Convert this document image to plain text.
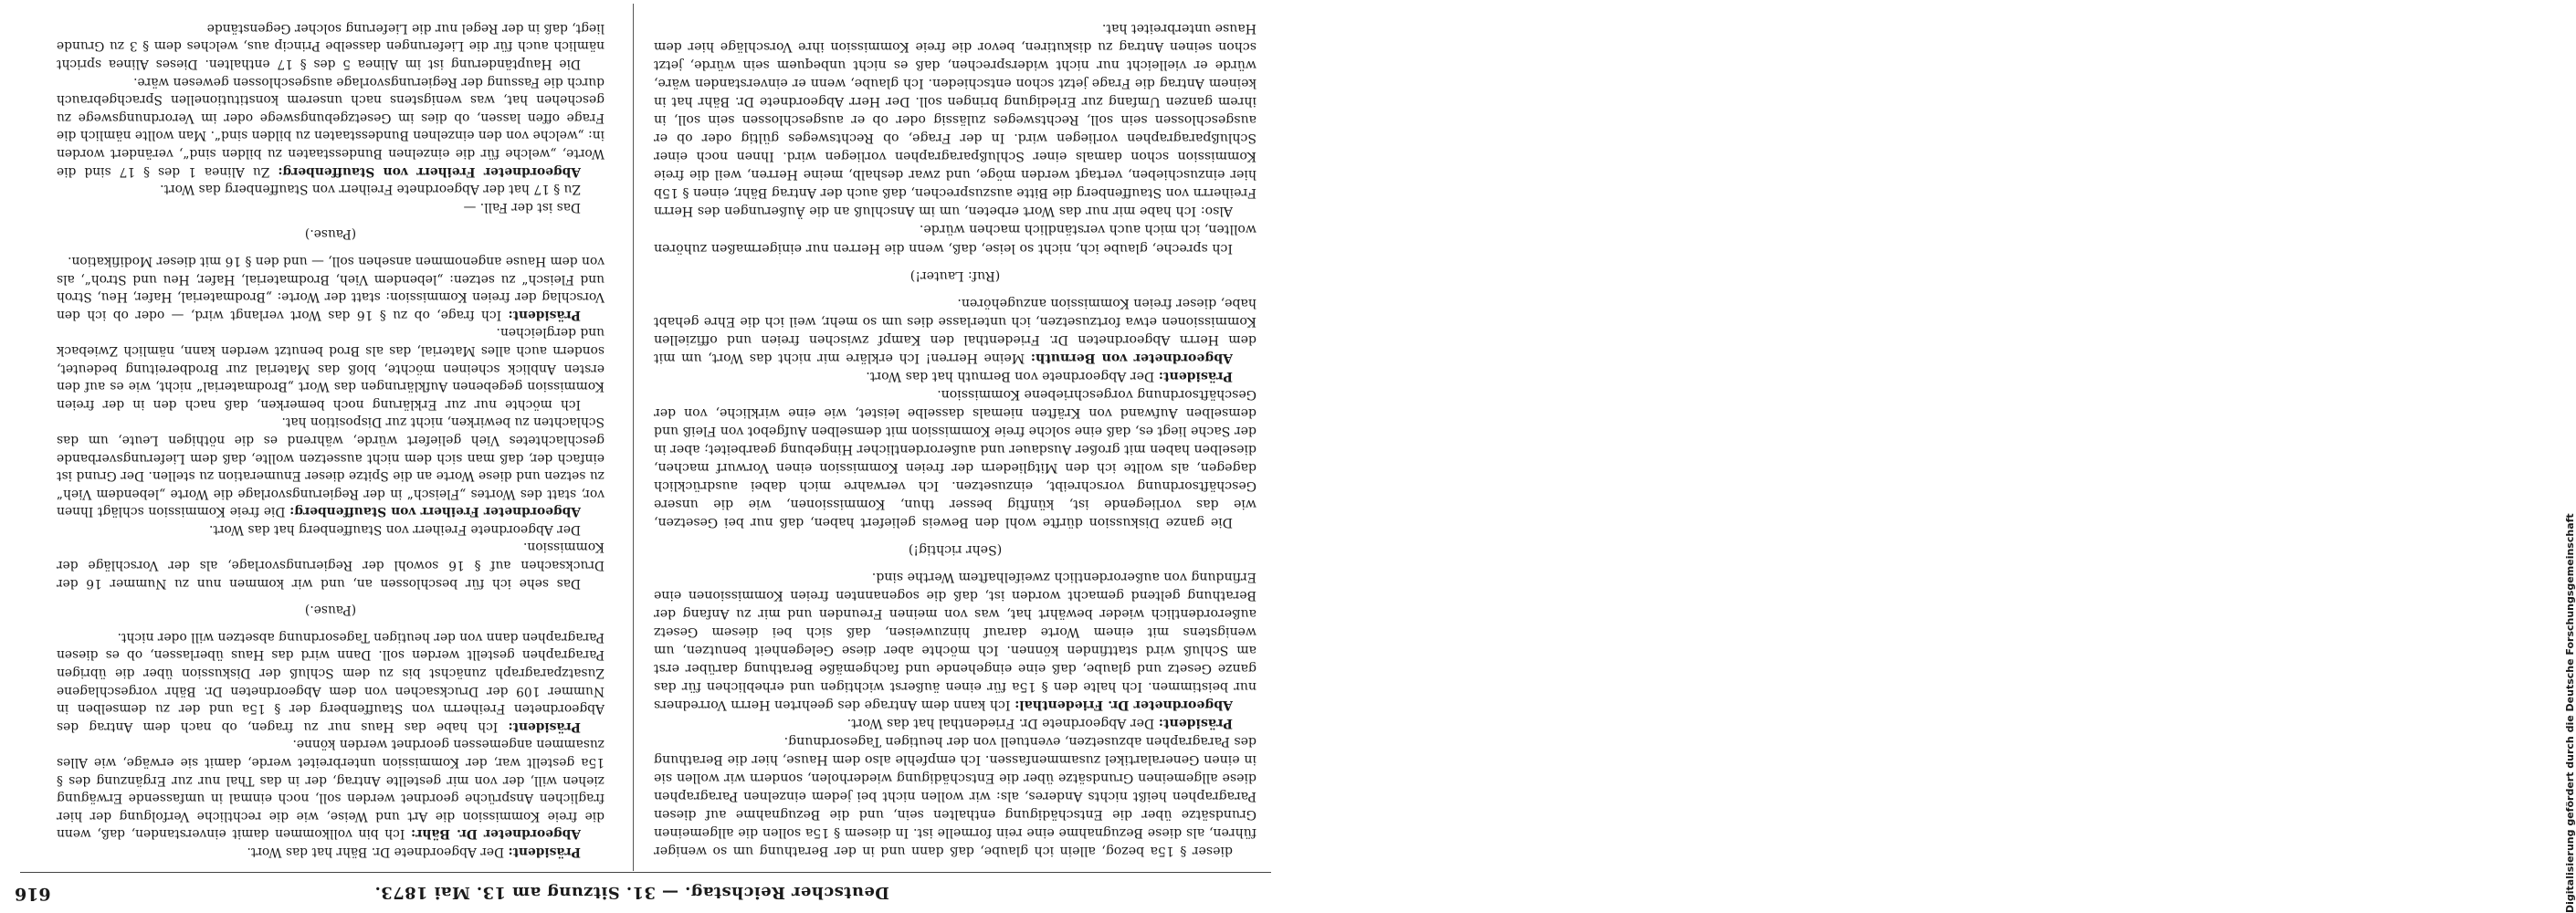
616	Deutscher Reichstag. — 31. Sitzung am 13. Mai 1873.

dieser § 15a bezog, allein ich glaube, daß dann und in der Berathung um so weniger führen, als diese Bezugnahme eine rein formelle ist. In diesem § 15a sollen die allgemeinen Grundsätze über die Entschädigung enthalten sein, und die Bezugnahme auf diesen Paragraphen heißt nichts Anderes, als: wir wollen nicht bei jedem einzelnen Paragraphen diese allgemeinen Grundsätze über die Entschädigung wiederholen, sondern wir wollen sie in einen Generalartikel zusammenfassen. Ich empfehle also dem Hause, hier die Berathung des Paragraphen abzusetzen, eventuell von der heutigen Tagesordnung.

Präsident: Der Abgeordnete Dr. Friedenthal hat das Wort.

Abgeordneter Dr. Friedenthal: Ich kann dem Antrage des geehrten Herrn Vorredners nur beistimmen. Ich halte den § 15a für einen äußerst wichtigen und erheblichen für das ganze Gesetz und glaube, daß eine eingehende und fachgemäße Berathung darüber erst am Schluß wird stattfinden können. Ich möchte aber diese Gelegenheit benutzen, um wenigstens mit einem Worte darauf hinzuweisen, daß sich bei diesem Gesetz außerordentlich wieder bewährt hat, was von meinen Freunden und mir zu Anfang der Berathung geltend gemacht worden ist, daß die sogenannten freien Kommissionen eine Erfindung von außerordentlich zweifelhaftem Werthe sind.

(Sehr richtig!)

Die ganze Diskussion dürfte wohl den Beweis geliefert haben, daß nur bei Gesetzen, wie das vorliegende ist, künftig besser thun, Kommissionen, wie die unsere Geschäftsordnung vorschreibt, einzusetzen. Ich verwahre mich dabei ausdrücklich dagegen, als wollte ich den Mitgliedern der freien Kommission einen Vorwurf machen, dieselben haben mit großer Ausdauer und außerordentlicher Hingebung gearbeitet; aber in der Sache liegt es, daß eine solche freie Kommission mit demselben Aufgebot von Fleiß und demselben Aufwand von Kräften niemals dasselbe leistet, wie eine wirkliche, von der Geschäftsordnung vorgeschriebene Kommission.

Präsident: Der Abgeordnete von Bernuth hat das Wort.

Abgeordneter von Bernuth: Meine Herren! Ich erkläre mir nicht das Wort, um mit dem Herrn Abgeordneten Dr. Friedenthal den Kampf zwischen freien und offiziellen Kommissionen etwa fortzusetzen, ich unterlasse dies um so mehr, weil ich die Ehre gehabt habe, dieser freien Kommission anzugehören.

(Ruf: Lauter!)

Ich spreche, glaube ich, nicht so leise, daß, wenn die Herren nur einigermaßen zuhören wollten, ich mich auch verständlich machen würde.

Also: Ich habe mir nur das Wort erbeten, um im Anschluß an die Äußerungen des Herrn Freiherrn von Stauffenberg die Bitte auszusprechen, daß auch der Antrag Bähr, einen § 15b hier einzuschieben, vertagt werden möge, und zwar deshalb, meine Herren, weil die freie Kommission schon damals einer Schlußparagraphen vorliegen wird. Ihnen noch einer Schlußparagraphen vorliegen wird. In der Frage, ob Rechtsweges gültig oder ob er ausgeschlossen sein soll, Rechtsweges zulässig oder ob er ausgeschlossen sein soll, in ihrem ganzen Umfang zur Erledigung bringen soll. Der Herr Abgeordnete Dr. Bähr hat in keinem Antrag die Frage jetzt schon entschieden. Ich glaube, wenn er einverstanden wäre, würde er vielleicht nur nicht widersprechen, daß es nicht unbequem sein würde, jetzt schon seinen Antrag zu diskutiren, bevor die freie Kommission ihre Vorschläge hier dem Hause unterbreitet hat.

Präsident: Der Abgeordnete Dr. Bähr hat das Wort.

Abgeordneter Dr. Bähr: Ich bin vollkommen damit einverstanden, daß, wenn die freie Kommission die Art und Weise, wie die rechtliche Verfolgung der hier fraglichen Ansprüche geordnet werden soll, noch einmal in umfassende Erwägung ziehen will, der von mir gestellte Antrag, der in das Thal nur zur Ergänzung des § 15a gestellt war, der Kommission unterbreitet werde, damit sie erwäge, wie Alles zusammen angemessen geordnet werden könne.

Präsident: Ich habe das Haus nur zu fragen, ob nach dem Antrag des Abgeordneten Freiherrn von Stauffenberg der § 15a und der zu demselben in Nummer 109 der Drucksachen von dem Abgeordneten Dr. Bähr vorgeschlagene Zusatzparagraph zunächst bis zu dem Schluß der Diskussion über die übrigen Paragraphen gestellt werden soll. Dann wird das Haus überlassen, ob es diesen Paragraphen dann von der heutigen Tagesordnung absetzen will oder nicht.

(Pause.)

Das sehe ich für beschlossen an, und wir kommen nun zu Nummer 16 der Drucksachen auf § 16 sowohl der Regierungsvorlage, als der Vorschläge der Kommission.

Der Abgeordnete Freiherr von Stauffenberg hat das Wort.

Abgeordneter Freiherr von Stauffenberg: Die freie Kommission schlägt Ihnen vor, statt des Wortes „Fleisch“ in der Regierungsvorlage die Worte „lebendem Vieh“ zu setzen und diese Worte an die Spitze dieser Enumeration zu stellen. Der Grund ist einfach der, daß man sich dem nicht aussetzen wollte, daß dem Lieferungsverbande geschlachtetes Vieh geliefert würde, während es die nöthigen Leute, um das Schlachten zu bewirken, nicht zur Disposition hat.

Ich möchte nur zur Erklärung noch bemerken, daß nach den in der freien Kommission gegebenen Aufklärungen das Wort „Brodmaterial“ nicht, wie es auf den ersten Anblick scheinen möchte, bloß das Material zur Brodbereitung bedeutet, sondern auch alles Material, das als Brod benutzt werden kann, nämlich Zwieback und dergleichen.

Präsident: Ich frage, ob zu § 16 das Wort verlangt wird, — oder ob ich den Vorschlag der freien Kommission: statt der Worte: „Brodmaterial, Hafer, Heu, Stroh und Fleisch“ zu setzen: „lebendem Vieh, Brodmaterial, Hafer, Heu und Stroh“, als von dem Hause angenommen ansehen soll, — und den § 16 mit dieser Modifikation.

(Pause.)

Das ist der Fall. —

Zu § 17 hat der Abgeordnete Freiherr von Stauffenberg das Wort.

Abgeordneter Freiherr von Stauffenberg: Zu Alinea 1 des § 17 sind die Worte, „welche für die einzelnen Bundesstaaten zu bilden sind“, verändert worden in: „welche von den einzelnen Bundesstaaten zu bilden sind“. Man wollte nämlich die Frage offen lassen, ob dies im Gesetzgebungswege oder im Verordnungswege zu geschehen hat, was wenigstens nach unserem konstitutionellen Sprachgebrauch durch die Fassung der Regierungsvorlage ausgeschlossen gewesen wäre.

Die Hauptänderung ist im Alinea 5 des § 17 enthalten. Dieses Alinea spricht nämlich auch für die Lieferungen dasselbe Princip aus, welches dem § 3 zu Grunde liegt, daß in der Regel nur die Lieferung solcher Gegenstände

Digitalisierung gefördert durch die Deutsche Forschungsgemeinschaft
